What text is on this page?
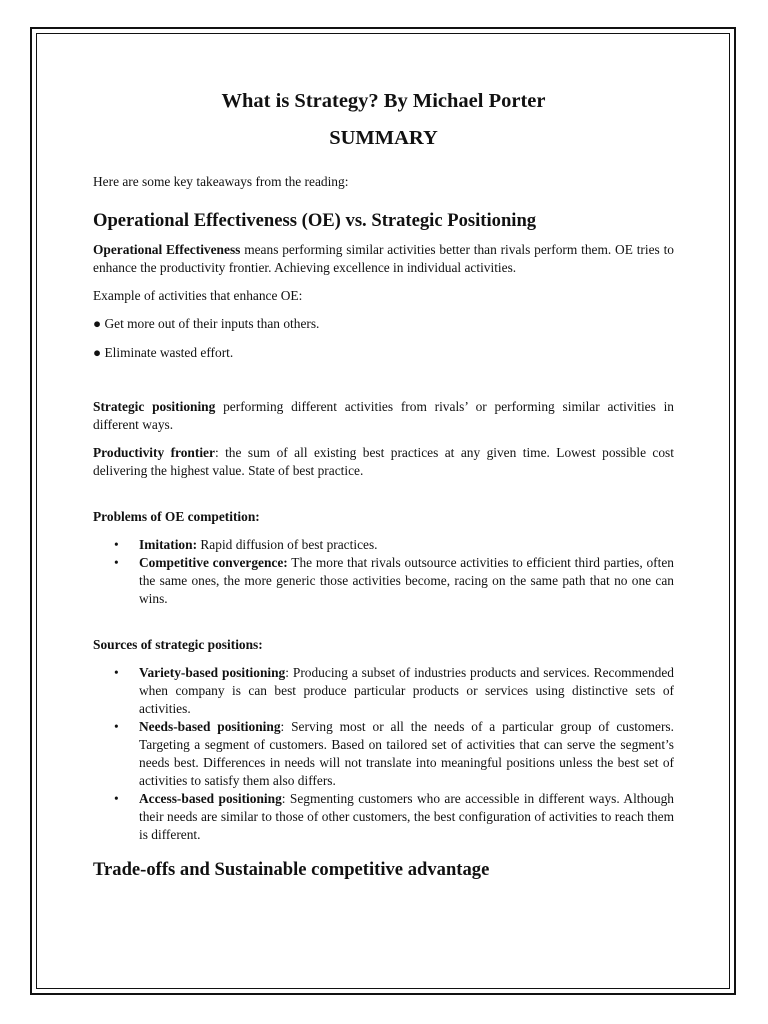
What is Strategy? By Michael Porter
SUMMARY

Here are some key takeaways from the reading:

Operational Effectiveness (OE) vs. Strategic Positioning

Operational Effectiveness means performing similar activities better than rivals perform them. OE tries to enhance the productivity frontier. Achieving excellence in individual activities.

Example of activities that enhance OE:

● Get more out of their inputs than others.

● Eliminate wasted effort.

Strategic positioning performing different activities from rivals’ or performing similar activities in different ways.

Productivity frontier: the sum of all existing best practices at any given time. Lowest possible cost delivering the highest value. State of best practice.

Problems of OE competition:
• Imitation: Rapid diffusion of best practices.
• Competitive convergence: The more that rivals outsource activities to efficient third parties, often the same ones, the more generic those activities become, racing on the same path that no one can wins.
Sources of strategic positions:
• Variety-based positioning: Producing a subset of industries products and services. Recommended when company is can best produce particular products or services using distinctive sets of activities.
• Needs-based positioning: Serving most or all the needs of a particular group of customers. Targeting a segment of customers. Based on tailored set of activities that can serve the segment’s needs best. Differences in needs will not translate into meaningful positions unless the best set of activities to satisfy them also differs.
• Access-based positioning: Segmenting customers who are accessible in different ways. Although their needs are similar to those of other customers, the best configuration of activities to reach them is different.
Trade-offs and Sustainable competitive advantage
